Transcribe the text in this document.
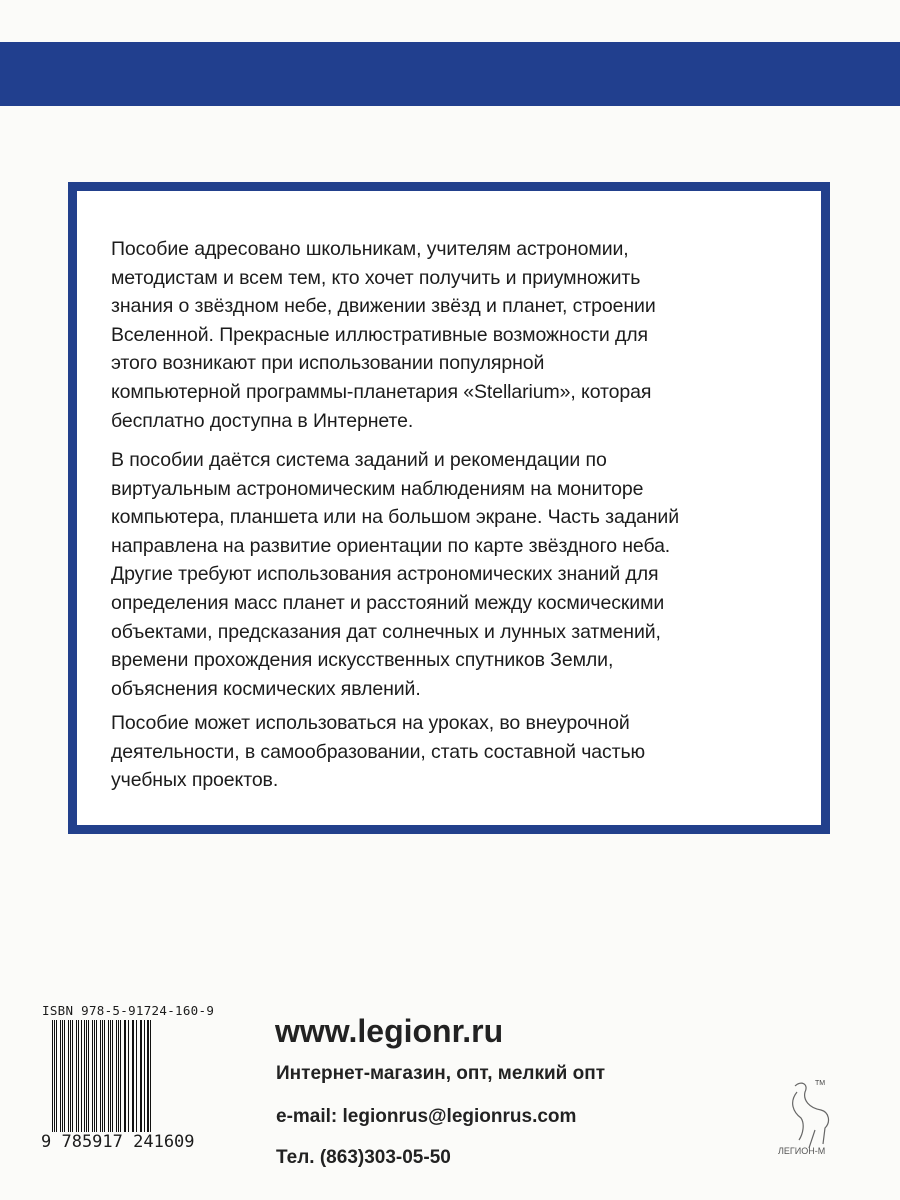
Пособие адресовано школьникам, учителям астрономии,
методистам и всем тем, кто хочет получить и приумножить
знания о звёздном небе, движении звёзд и планет, строении
Вселенной. Прекрасные иллюстративные возможности для
этого возникают при использовании популярной
компьютерной программы-планетария «Stellarium», которая
бесплатно доступна в Интернете.
В пособии даётся система заданий и рекомендации по
виртуальным астрономическим наблюдениям на мониторе
компьютера, планшета или на большом экране. Часть заданий
направлена на развитие ориентации по карте звёздного неба.
Другие требуют использования астрономических знаний для
определения масс планет и расстояний между космическими
объектами, предсказания дат солнечных и лунных затмений,
времени прохождения искусственных спутников Земли,
объяснения космических явлений.
Пособие может использоваться на уроках, во внеурочной
деятельности, в самообразовании, стать составной частью
учебных проектов.
ISBN 978-5-91724-160-9
9 785917 241609
www.legionr.ru
Интернет-магазин, опт, мелкий опт
e-mail: legionrus@legionrus.com
Тел. (863)303-05-50
TM
ЛЕГИОН-М
